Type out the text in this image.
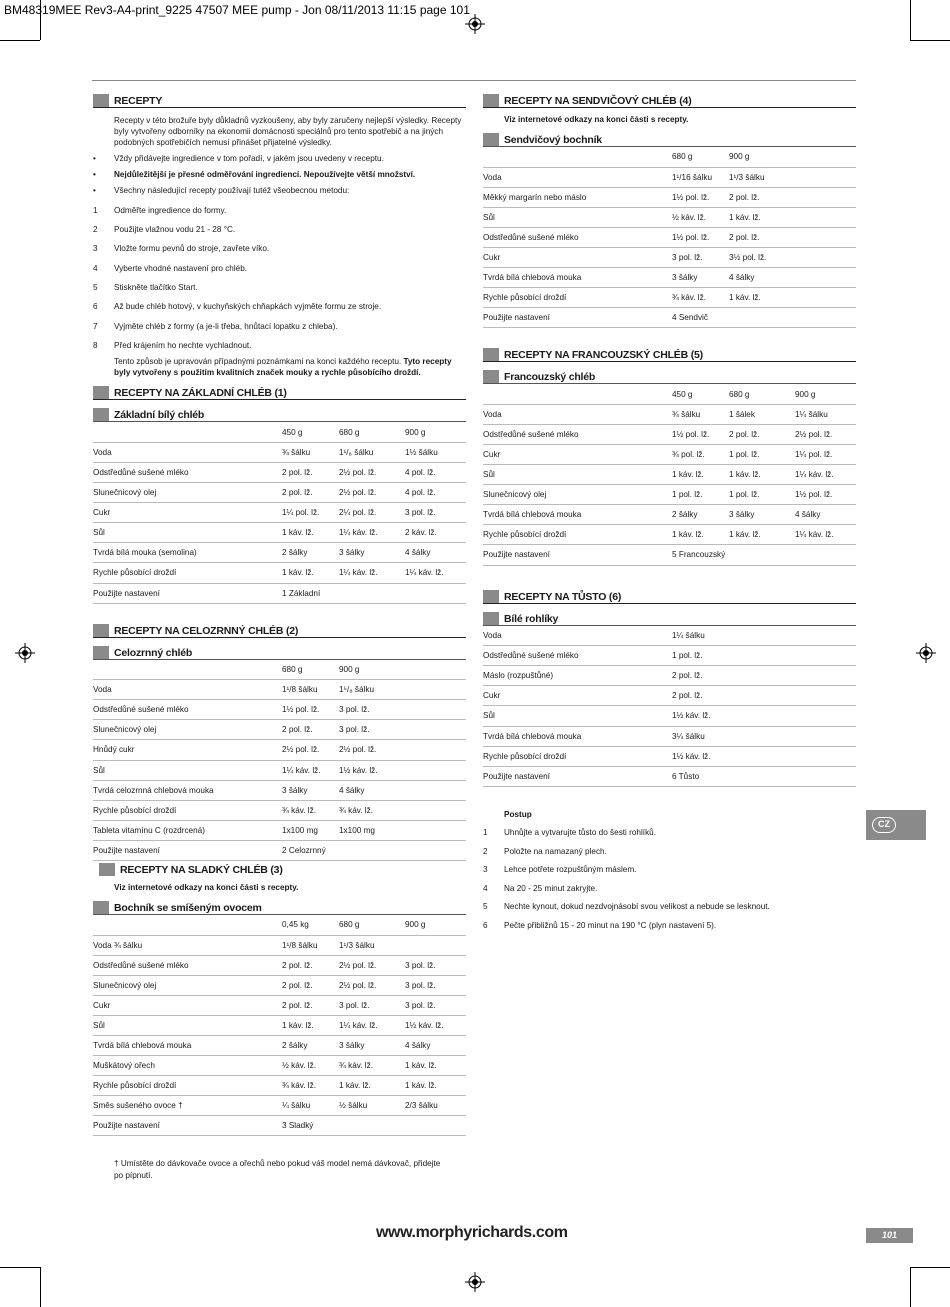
BM48319MEE Rev3-A4-print_9225 47507 MEE pump - Jon 08/11/2013 11:15 page 101
RECEPTY
Recepty v této brožuře byly důkladnů vyzkoušeny, aby byly zaručeny nejlepší výsledky. Recepty byly vytvořeny odborníky na ekonomii domácnosti speciálnů pro tento spotřebič a na jiných podobných spotřebičích nemusí přinášet přijatelné výsledky.
• Vždy přidávejte ingredience v tom pořadí, v jakém jsou uvedeny v receptu.
• Nejdůležitější je přesné odměřování ingrediencí. Nepoužívejte větší množství.
• Všechny následující recepty používají tutéž všeobecnou metodu:
1 Odměřte ingredience do formy.
2 Použijte vlažnou vodu 21 - 28 °C.
3 Vložte formu pevnů do stroje, zavřete víko.
4 Vyberte vhodné nastavení pro chléb.
5 Stiskněte tlačítko Start.
6 Až bude chléb hotový, v kuchyňských chňapkách vyjměte formu ze stroje.
7 Vyjměte chléb z formy (a je-li třeba, hnůtací lopatku z chleba).
8 Před krájením ho nechte vychladnout.
Tento způsob je upravován případnými poznámkami na konci každého receptu. Tyto recepty byly vytvořeny s použitím kvalitních značek mouky a rychle působícího droždí.
RECEPTY NA ZÁKLADNÍ CHLÉB (1)
Základní bílý chléb
	450 g	680 g	900 g
Voda	¾ šálku	1¹/₈ šálku	1½ šálku
Odstředůné sušené mléko	2 pol. lž.	2½ pol. lž.	4 pol. lž.
Slunečnicový olej	2 pol. lž.	2½ pol. lž.	4 pol. lž.
Cukr	1¼ pol. lž.	2¼ pol. lž.	3 pol. lž.
Sůl	1 káv. lž.	1¼ káv. lž.	2 káv. lž.
Tvrdá bílá mouka (semolina)	2 šálky	3 šálky	4 šálky
Rychle působící droždí	1 káv. lž.	1¼ káv. lž.	1¼ káv. lž.
Použijte nastavení	1 Základní		
RECEPTY NA CELOZRNNÝ CHLÉB (2)
Celozrnný chléb
	680 g	900 g
Voda	1¹/8 šálku	1⁵/₈ šálku
Odstředůné sušené mléko	1½ pol. lž.	3 pol. lž.
Slunečnicový olej	2 pol. lž.	3 pol. lž.
Hnůdý cukr	2½ pol. lž.	2½ pol. lž.
Sůl	1¼ káv. lž.	1½ káv. lž.
Tvrdá celozrnná chlebová mouka	3 šálky	4 šálky
Rychle působící droždí	¾ káv. lž.	¾ káv. lž.
Tableta vitamínu C (rozdrcená)	1x100 mg	1x100 mg
Použijte nastavení	2 Celozrnný	
RECEPTY NA SLADKÝ CHLÉB (3)
Viz internetové odkazy na konci části s recepty.
Bochník se smíšeným ovocem
	0,45 kg	680 g	900 g
Voda ¾ šálku	1¹/8 šálku	1¹/3 šálku	
Odstředůné sušené mléko	2 pol. lž.	2½ pol. lž.	3 pol. lž.
Slunečnicový olej	2 pol. lž.	2½ pol. lž.	3 pol. lž.
Cukr	2 pol. lž.	3 pol. lž.	3 pol. lž.
Sůl	1 káv. lž.	1¼ káv. lž.	1½ káv. lž.
Tvrdá bílá chlebová mouka	2 šálky	3 šálky	4 šálky
Muškátový ořech	½ káv. lž.	¾ káv. lž.	1 káv. lž.
Rychle působící droždí	¾ káv. lž.	1 káv. lž.	1 káv. lž.
Směs sušeného ovoce †	¼ šálku	½ šálku	2/3 šálku
Použijte nastavení	3 Sladký		
† Umístěte do dávkovače ovoce a ořechů nebo pokud váš model nemá dávkovač, přidejte po pípnutí.
RECEPTY NA SENDVIČOVÝ CHLÉB (4)
Viz internetové odkazy na konci části s recepty.
Sendvičový bochník
	680 g	900 g
Voda	1¹/16 šálku	1¹/3 šálku
Měkký margarín nebo máslo	1½ pol. lž.	2 pol. lž.
Sůl	½ káv. lž.	1 káv. lž.
Odstředůné sušené mléko	1½ pol. lž.	2 pol. lž.
Cukr	3 pol. lž.	3½ pol. lž.
Tvrdá bílá chlebová mouka	3 šálky	4 šálky
Rychle působící droždí	¾ káv. lž.	1 káv. lž.
Použijte nastavení	4 Sendvič	
RECEPTY NA FRANCOUZSKÝ CHLÉB (5)
Francouzský chléb
	450 g	680 g	900 g
Voda	¾ šálku	1 šálek	1¼ šálku
Odstředůné sušené mléko	1½ pol. lž.	2 pol. lž.	2½ pol. lž.
Cukr	¾ pol. lž.	1 pol. lž.	1¼ pol. lž.
Sůl	1 káv. lž.	1 káv. lž.	1¼ káv. lž.
Slunečnicový olej	1 pol. lž.	1 pol. lž.	1½ pol. lž.
Tvrdá bílá chlebová mouka	2 šálky	3 šálky	4 šálky
Rychle působící droždí	1 káv. lž.	1 káv. lž.	1¼ káv. lž.
Použijte nastavení	5 Francouzský		
RECEPTY NA TŮSTO (6)
Bílé rohlíky
Voda	1¼ šálku
Odstředůné sušené mléko	1 pol. lž.
Máslo (rozpuštůné)	2 pol. lž.
Cukr	2 pol. lž.
Sůl	1½ káv. lž.
Tvrdá bílá chlebová mouka	3¼ šálku
Rychle působící droždí	1½ káv. lž.
Použijte nastavení	6 Tůsto
Postup
1 Uhnůjte a vytvarujte tůsto do šesti rohlíků.
2 Položte na namazaný plech.
3 Lehce potřete rozpuštůným máslem.
4 Na 20 - 25 minut zakryjte.
5 Nechte kynout, dokud nezdvojnásobí svou velikost a nebude se lesknout.
6 Pečte přibližnů 15 - 20 minut na 190 °C (plyn nastavení 5).
CZ
www.morphyrichards.com	101
